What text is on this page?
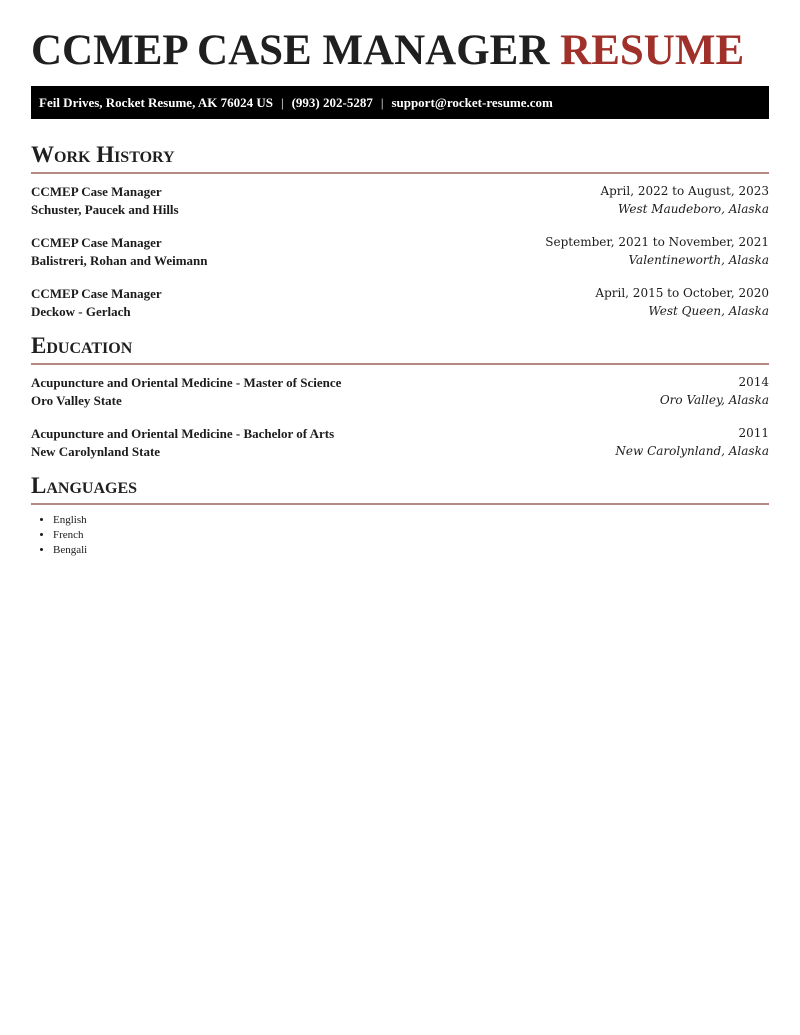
CCMEP CASE MANAGER RESUME
Feil Drives, Rocket Resume, AK 76024 US | (993) 202-5287 | support@rocket-resume.com
Work History
CCMEP Case Manager
Schuster, Paucek and Hills
April, 2022 to August, 2023
West Maudeboro, Alaska
CCMEP Case Manager
Balistreri, Rohan and Weimann
September, 2021 to November, 2021
Valentineworth, Alaska
CCMEP Case Manager
Deckow - Gerlach
April, 2015 to October, 2020
West Queen, Alaska
Education
Acupuncture and Oriental Medicine - Master of Science
Oro Valley State
2014
Oro Valley, Alaska
Acupuncture and Oriental Medicine - Bachelor of Arts
New Carolynland State
2011
New Carolynland, Alaska
Languages
• English
• French
• Bengali
